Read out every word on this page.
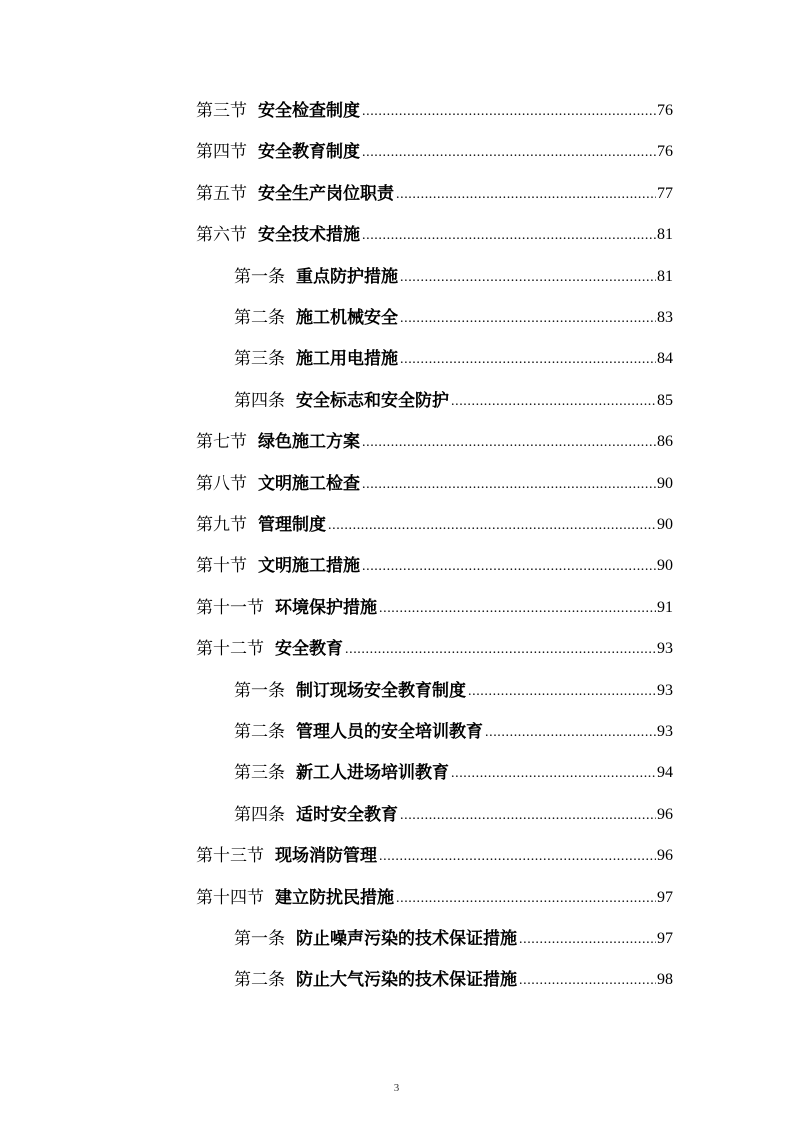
第三节 安全检查制度 .....	76
第四节 安全教育制度 .....	76
第五节 安全生产岗位职责 .....	77
第六节 安全技术措施 .....	81
第一条 重点防护措施 .....	81
第二条 施工机械安全 .....	83
第三条 施工用电措施 .....	84
第四条 安全标志和安全防护 .....	85
第七节 绿色施工方案 .....	86
第八节 文明施工检查 .....	90
第九节 管理制度 .....	90
第十节 文明施工措施 .....	90
第十一节 环境保护措施 .....	91
第十二节 安全教育 .....	93
第一条 制订现场安全教育制度 .....	93
第二条 管理人员的安全培训教育 .....	93
第三条 新工人进场培训教育 .....	94
第四条 适时安全教育 .....	96
第十三节 现场消防管理 .....	96
第十四节 建立防扰民措施 .....	97
第一条 防止噪声污染的技术保证措施 .....	97
第二条 防止大气污染的技术保证措施 .....	98
3
